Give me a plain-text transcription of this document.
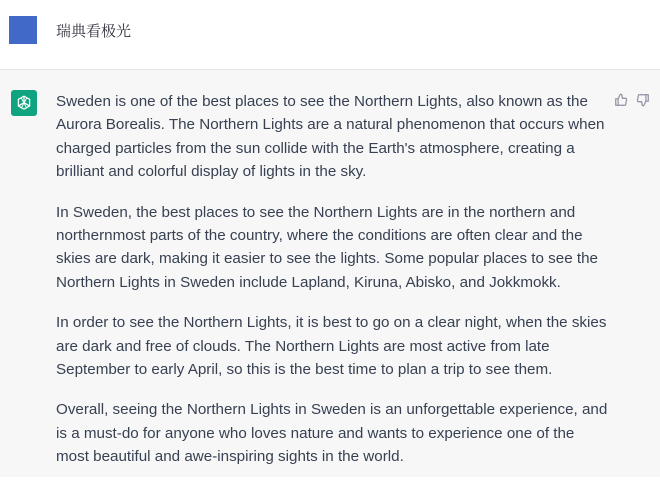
瑞典看极光

Sweden is one of the best places to see the Northern Lights, also known as the Aurora Borealis. The Northern Lights are a natural phenomenon that occurs when charged particles from the sun collide with the Earth's atmosphere, creating a brilliant and colorful display of lights in the sky.

In Sweden, the best places to see the Northern Lights are in the northern and northernmost parts of the country, where the conditions are often clear and the skies are dark, making it easier to see the lights. Some popular places to see the Northern Lights in Sweden include Lapland, Kiruna, Abisko, and Jokkmokk.

In order to see the Northern Lights, it is best to go on a clear night, when the skies are dark and free of clouds. The Northern Lights are most active from late September to early April, so this is the best time to plan a trip to see them.

Overall, seeing the Northern Lights in Sweden is an unforgettable experience, and is a must-do for anyone who loves nature and wants to experience one of the most beautiful and awe-inspiring sights in the world.
